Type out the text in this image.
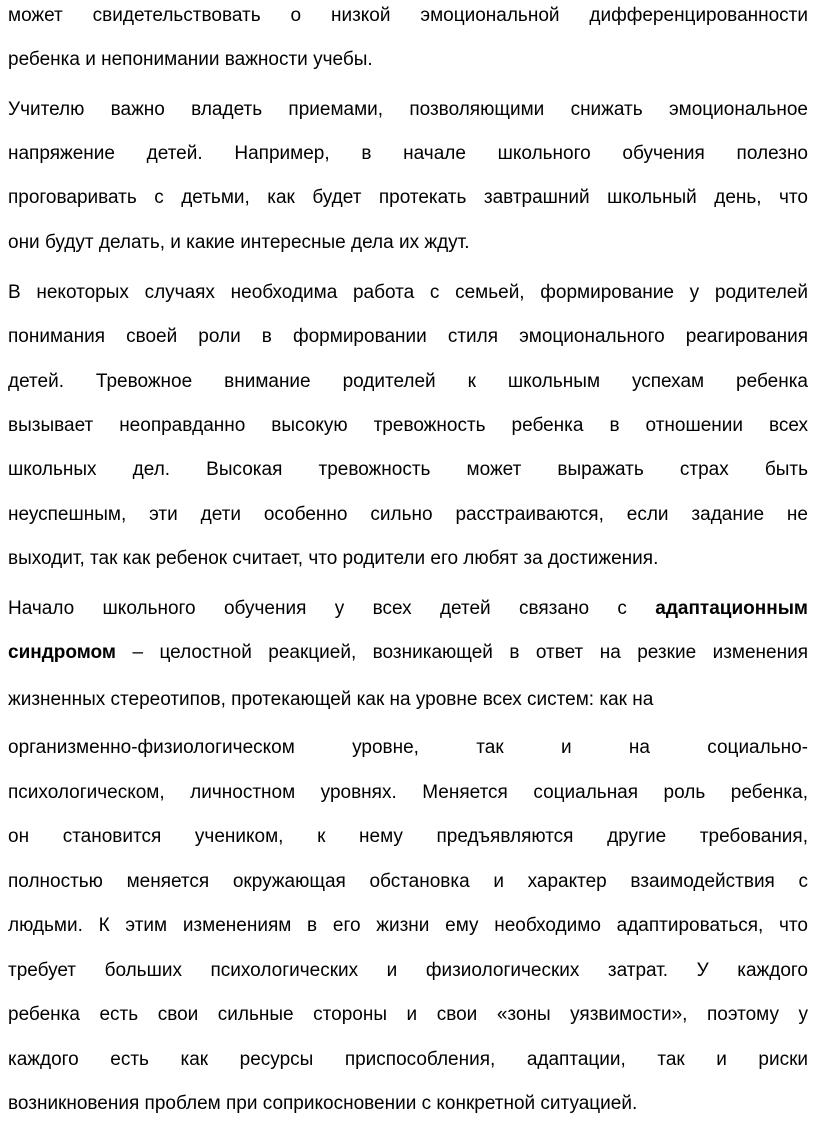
может свидетельствовать о низкой эмоциональной дифференцированности
ребенка и непонимании важности учебы.
Учителю важно владеть приемами, позволяющими снижать эмоциональное
напряжение детей. Например, в начале школьного обучения полезно
проговаривать с детьми, как будет протекать завтрашний школьный день, что
они будут делать, и какие интересные дела их ждут.
В некоторых случаях необходима работа с семьей, формирование у родителей
понимания своей роли в формировании стиля эмоционального реагирования
детей. Тревожное внимание родителей к школьным успехам ребенка
вызывает неоправданно высокую тревожность ребенка в отношении всех
школьных дел. Высокая тревожность может выражать страх быть
неуспешным, эти дети особенно сильно расстраиваются, если задание не
выходит, так как ребенок считает, что родители его любят за достижения.
Начало школьного обучения у всех детей связано с адаптационным
синдромом – целостной реакцией, возникающей в ответ на резкие изменения
жизненных стереотипов, протекающей как на уровне всех систем: как на
организменно-физиологическом уровне, так и на социально-
психологическом, личностном уровнях. Меняется социальная роль ребенка,
он становится учеником, к нему предъявляются другие требования,
полностью меняется окружающая обстановка и характер взаимодействия с
людьми. К этим изменениям в его жизни ему необходимо адаптироваться, что
требует больших психологических и физиологических затрат. У каждого
ребенка есть свои сильные стороны и свои «зоны уязвимости», поэтому у
каждого есть как ресурсы приспособления, адаптации, так и риски
возникновения проблем при соприкосновении с конкретной ситуацией.
